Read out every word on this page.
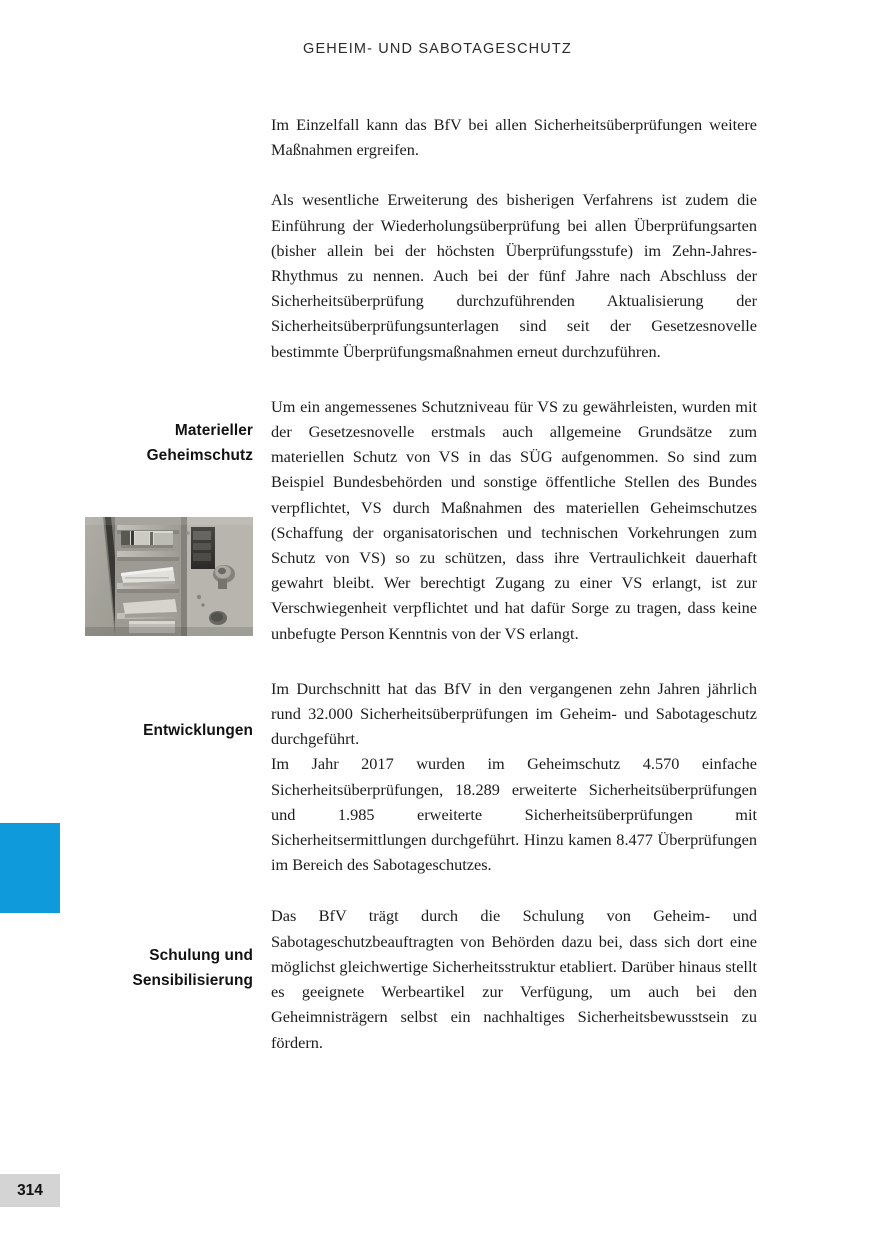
GEHEIM- UND SABOTAGESCHUTZ
Materieller
Geheimschutz
Entwicklungen
Schulung und
Sensibilisierung
314

Im Einzelfall kann das BfV bei allen Sicherheitsüberprüfungen weitere Maßnahmen ergreifen.

Als wesentliche Erweiterung des bisherigen Verfahrens ist zudem die Einführung der Wiederholungsüberprüfung bei allen Überprüfungsarten (bisher allein bei der höchsten Überprüfungsstufe) im Zehn-Jahres-Rhythmus zu nennen. Auch bei der fünf Jahre nach Abschluss der Sicherheitsüberprüfung durchzuführenden Aktualisierung der Sicherheitsüberprüfungsunterlagen sind seit der Gesetzesnovelle bestimmte Überprüfungsmaßnahmen erneut durchzuführen.

Um ein angemessenes Schutzniveau für VS zu gewährleisten, wurden mit der Gesetzesnovelle erstmals auch allgemeine Grundsätze zum materiellen Schutz von VS in das SÜG aufgenommen. So sind zum Beispiel Bundesbehörden und sonstige öffentliche Stellen des Bundes verpflichtet, VS durch Maßnahmen des materiellen Geheimschutzes (Schaffung der organisatorischen und technischen Vorkehrungen zum Schutz von VS) so zu schützen, dass ihre Vertraulichkeit dauerhaft gewahrt bleibt. Wer berechtigt Zugang zu einer VS erlangt, ist zur Verschwiegenheit verpflichtet und hat dafür Sorge zu tragen, dass keine unbefugte Person Kenntnis von der VS erlangt.

Im Durchschnitt hat das BfV in den vergangenen zehn Jahren jährlich rund 32.000 Sicherheitsüberprüfungen im Geheim- und Sabotageschutz durchgeführt.

Im Jahr 2017 wurden im Geheimschutz 4.570 einfache Sicherheitsüberprüfungen, 18.289 erweiterte Sicherheitsüberprüfungen und 1.985 erweiterte Sicherheitsüberprüfungen mit Sicherheitsermittlungen durchgeführt. Hinzu kamen 8.477 Überprüfungen im Bereich des Sabotageschutzes.

Das BfV trägt durch die Schulung von Geheim- und Sabotageschutzbeauftragten von Behörden dazu bei, dass sich dort eine möglichst gleichwertige Sicherheitsstruktur etabliert. Darüber hinaus stellt es geeignete Werbeartikel zur Verfügung, um auch bei den Geheimnisträgern selbst ein nachhaltiges Sicherheitsbewusstsein zu fördern.
